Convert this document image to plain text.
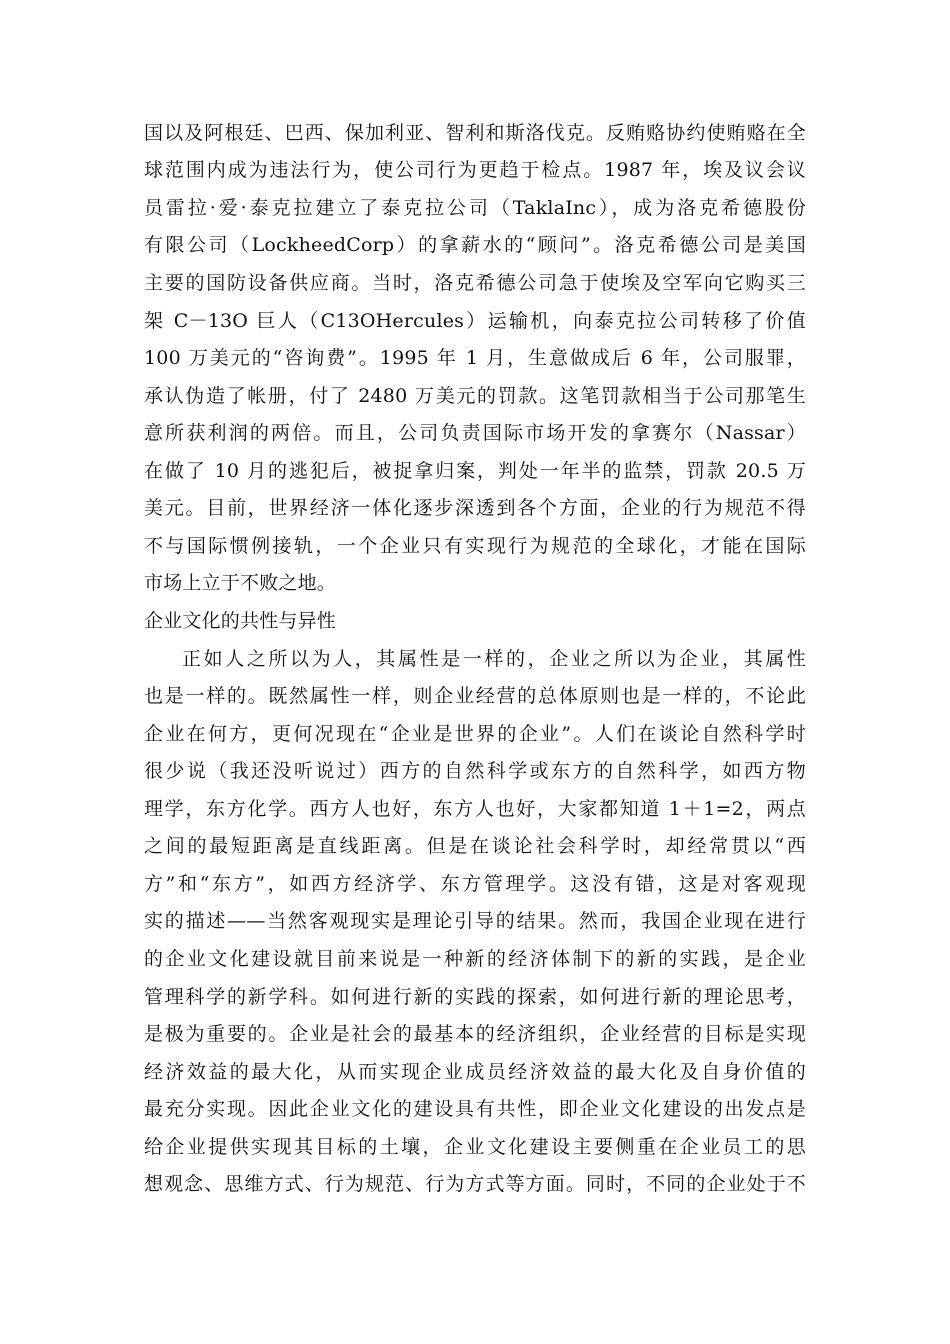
国以及阿根廷、巴西、保加利亚、智利和斯洛伐克。反贿赂协约使贿赂在全
球范围内成为违法行为，使公司行为更趋于检点。1987 年，埃及议会议
员雷拉·爱·泰克拉建立了泰克拉公司（TaklaInc），成为洛克希德股份
有限公司（LockheedCorp）的拿薪水的“顾问”。洛克希德公司是美国
主要的国防设备供应商。当时，洛克希德公司急于使埃及空军向它购买三
架 C－13O 巨人（C13OHercules）运输机，向泰克拉公司转移了价值
100 万美元的“咨询费”。1995 年 1 月，生意做成后 6 年，公司服罪，
承认伪造了帐册，付了 2480 万美元的罚款。这笔罚款相当于公司那笔生
意所获利润的两倍。而且，公司负责国际市场开发的拿赛尔（Nassar）
在做了 10 月的逃犯后，被捉拿归案，判处一年半的监禁，罚款 20.5 万
美元。目前，世界经济一体化逐步深透到各个方面，企业的行为规范不得
不与国际惯例接轨，一个企业只有实现行为规范的全球化，才能在国际
市场上立于不败之地。
企业文化的共性与异性
正如人之所以为人，其属性是一样的，企业之所以为企业，其属性
也是一样的。既然属性一样，则企业经营的总体原则也是一样的，不论此
企业在何方，更何况现在“企业是世界的企业”。人们在谈论自然科学时
很少说（我还没听说过）西方的自然科学或东方的自然科学，如西方物
理学，东方化学。西方人也好，东方人也好，大家都知道 1＋1=2，两点
之间的最短距离是直线距离。但是在谈论社会科学时，却经常贯以“西
方”和“东方”，如西方经济学、东方管理学。这没有错，这是对客观现
实的描述——当然客观现实是理论引导的结果。然而，我国企业现在进行
的企业文化建设就目前来说是一种新的经济体制下的新的实践，是企业
管理科学的新学科。如何进行新的实践的探索，如何进行新的理论思考，
是极为重要的。企业是社会的最基本的经济组织，企业经营的目标是实现
经济效益的最大化，从而实现企业成员经济效益的最大化及自身价值的
最充分实现。因此企业文化的建设具有共性，即企业文化建设的出发点是
给企业提供实现其目标的土壤，企业文化建设主要侧重在企业员工的思
想观念、思维方式、行为规范、行为方式等方面。同时，不同的企业处于不
